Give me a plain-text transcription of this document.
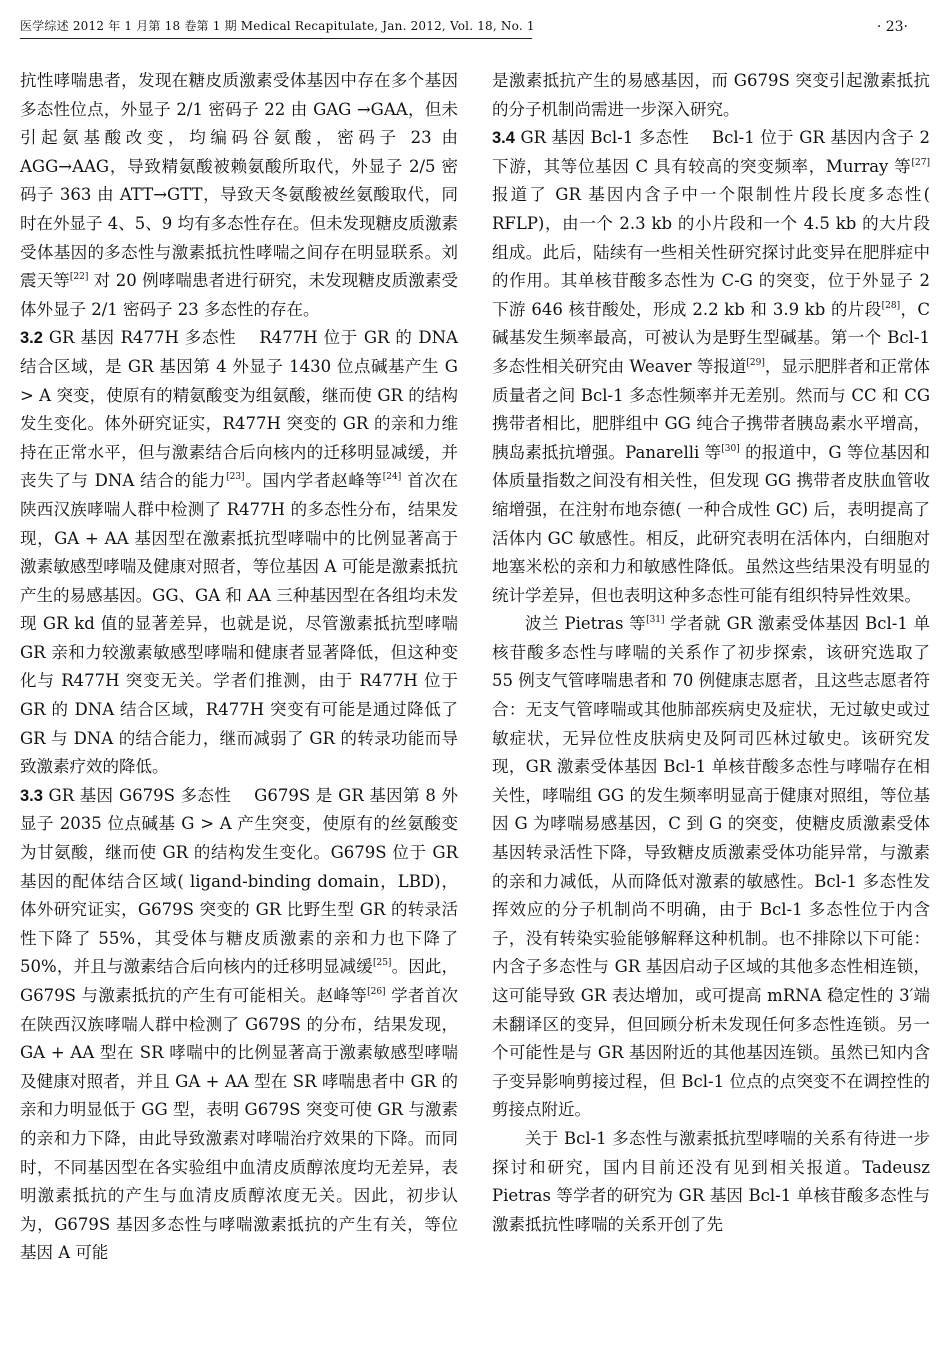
医学综述 2012 年 1 月第 18 卷第 1 期 Medical Recapitulate, Jan. 2012, Vol. 18, No. 1	· 23·

抗性哮喘患者，发现在糖皮质激素受体基因中存在多个基因多态性位点，外显子 2/1 密码子 22 由 GAG →GAA，但未引起氨基酸改变，均编码谷氨酸，密码子 23 由 AGG→AAG，导致精氨酸被赖氨酸所取代，外显子 2/5 密码子 363 由 ATT→GTT，导致天冬氨酸被丝氨酸取代，同时在外显子 4、5、9 均有多态性存在。但未发现糖皮质激素受体基因的多态性与激素抵抗性哮喘之间存在明显联系。刘震天等[22] 对 20 例哮喘患者进行研究，未发现糖皮质激素受体外显子 2/1 密码子 23 多态性的存在。

3.2 GR 基因 R477H 多态性 R477H 位于 GR 的 DNA 结合区域，是 GR 基因第 4 外显子 1430 位点碱基产生 G > A 突变，使原有的精氨酸变为组氨酸，继而使 GR 的结构发生变化。体外研究证实，R477H 突变的 GR 的亲和力维持在正常水平，但与激素结合后向核内的迁移明显减缓，并丧失了与 DNA 结合的能力[23]。国内学者赵峰等[24] 首次在陕西汉族哮喘人群中检测了 R477H 的多态性分布，结果发现，GA + AA 基因型在激素抵抗型哮喘中的比例显著高于激素敏感型哮喘及健康对照者，等位基因 A 可能是激素抵抗产生的易感基因。GG、GA 和 AA 三种基因型在各组均未发现 GR kd 值的显著差异，也就是说，尽管激素抵抗型哮喘 GR 亲和力较激素敏感型哮喘和健康者显著降低，但这种变化与 R477H 突变无关。学者们推测，由于 R477H 位于 GR 的 DNA 结合区域，R477H 突变有可能是通过降低了 GR 与 DNA 的结合能力，继而减弱了 GR 的转录功能而导致激素疗效的降低。

3.3 GR 基因 G679S 多态性 G679S 是 GR 基因第 8 外显子 2035 位点碱基 G > A 产生突变，使原有的丝氨酸变为甘氨酸，继而使 GR 的结构发生变化。G679S 位于 GR 基因的配体结合区域( ligand-binding domain，LBD)，体外研究证实，G679S 突变的 GR 比野生型 GR 的转录活性下降了 55%，其受体与糖皮质激素的亲和力也下降了 50%，并且与激素结合后向核内的迁移明显减缓[25]。因此，G679S 与激素抵抗的产生有可能相关。赵峰等[26] 学者首次在陕西汉族哮喘人群中检测了 G679S 的分布，结果发现，GA + AA 型在 SR 哮喘中的比例显著高于激素敏感型哮喘及健康对照者，并且 GA + AA 型在 SR 哮喘患者中 GR 的亲和力明显低于 GG 型，表明 G679S 突变可使 GR 与激素的亲和力下降，由此导致激素对哮喘治疗效果的下降。而同时，不同基因型在各实验组中血清皮质醇浓度均无差异，表明激素抵抗的产生与血清皮质醇浓度无关。因此，初步认为，G679S 基因多态性与哮喘激素抵抗的产生有关，等位基因 A 可能

是激素抵抗产生的易感基因，而 G679S 突变引起激素抵抗的分子机制尚需进一步深入研究。

3.4 GR 基因 Bcl-1 多态性 Bcl-1 位于 GR 基因内含子 2 下游，其等位基因 C 具有较高的突变频率，Murray 等[27] 报道了 GR 基因内含子中一个限制性片段长度多态性( RFLP)，由一个 2.3 kb 的小片段和一个 4.5 kb 的大片段组成。此后，陆续有一些相关性研究探讨此变异在肥胖症中的作用。其单核苷酸多态性为 C-G 的突变，位于外显子 2 下游 646 核苷酸处，形成 2.2 kb 和 3.9 kb 的片段[28]，C 碱基发生频率最高，可被认为是野生型碱基。第一个 Bcl-1 多态性相关研究由 Weaver 等报道[29]，显示肥胖者和正常体质量者之间 Bcl-1 多态性频率并无差别。然而与 CC 和 CG 携带者相比，肥胖组中 GG 纯合子携带者胰岛素水平增高，胰岛素抵抗增强。Panarelli 等[30] 的报道中，G 等位基因和体质量指数之间没有相关性，但发现 GG 携带者皮肤血管收缩增强，在注射布地奈德( 一种合成性 GC) 后，表明提高了活体内 GC 敏感性。相反，此研究表明在活体内，白细胞对地塞米松的亲和力和敏感性降低。虽然这些结果没有明显的统计学差异，但也表明这种多态性可能有组织特异性效果。

波兰 Pietras 等[31] 学者就 GR 激素受体基因 Bcl-1 单核苷酸多态性与哮喘的关系作了初步探索，该研究选取了 55 例支气管哮喘患者和 70 例健康志愿者，且这些志愿者符合：无支气管哮喘或其他肺部疾病史及症状，无过敏史或过敏症状，无异位性皮肤病史及阿司匹林过敏史。该研究发现，GR 激素受体基因 Bcl-1 单核苷酸多态性与哮喘存在相关性，哮喘组 GG 的发生频率明显高于健康对照组，等位基因 G 为哮喘易感基因，C 到 G 的突变，使糖皮质激素受体基因转录活性下降，导致糖皮质激素受体功能异常，与激素的亲和力减低，从而降低对激素的敏感性。Bcl-1 多态性发挥效应的分子机制尚不明确，由于 Bcl-1 多态性位于内含子，没有转染实验能够解释这种机制。也不排除以下可能：内含子多态性与 GR 基因启动子区域的其他多态性相连锁，这可能导致 GR 表达增加，或可提高 mRNA 稳定性的 3′端未翻译区的变异，但回顾分析未发现任何多态性连锁。另一个可能性是与 GR 基因附近的其他基因连锁。虽然已知内含子变异影响剪接过程，但 Bcl-1 位点的点突变不在调控性的剪接点附近。

关于 Bcl-1 多态性与激素抵抗型哮喘的关系有待进一步探讨和研究，国内目前还没有见到相关报道。Tadeusz Pietras 等学者的研究为 GR 基因 Bcl-1 单核苷酸多态性与激素抵抗性哮喘的关系开创了先
